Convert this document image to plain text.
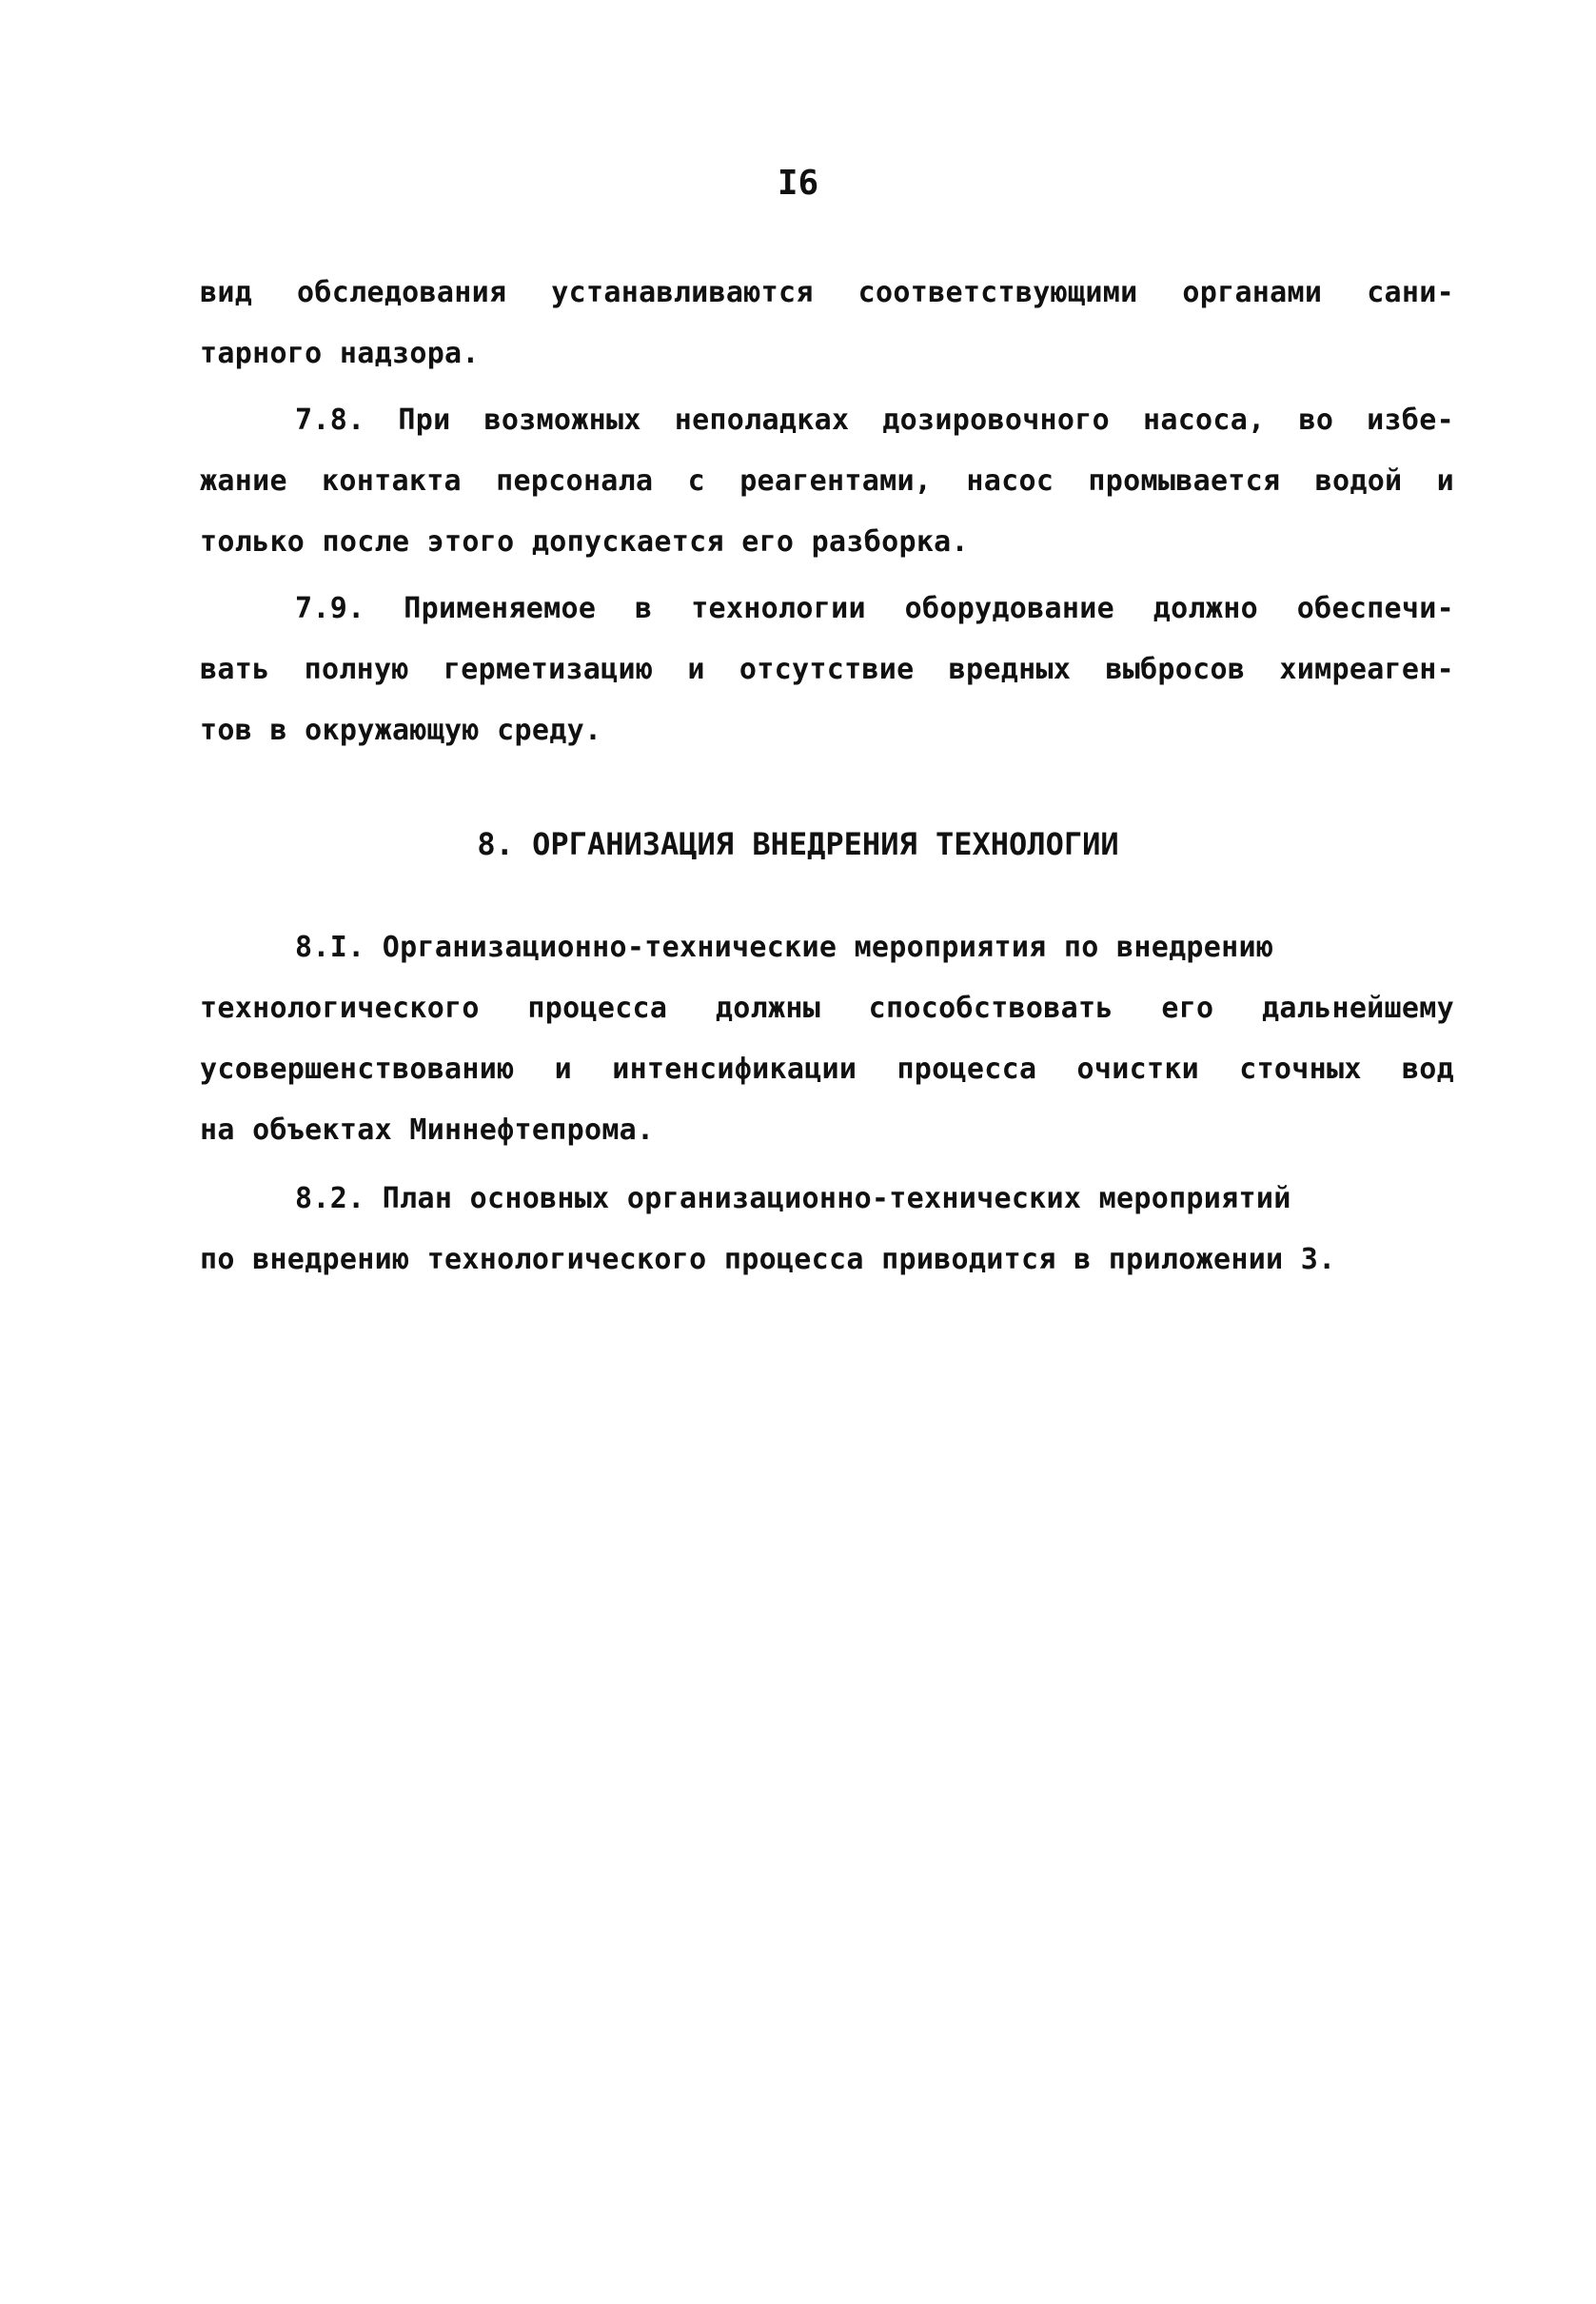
I6
вид обследования устанавливаются соответствующими органами сани-
тарного надзора.
7.8. При возможных неполадках дозировочного насоса, во избе-
жание контакта персонала с реагентами, насос промывается водой и
только после этого допускается его разборка.
7.9. Применяемое в технологии оборудование должно обеспечи-
вать полную герметизацию и отсутствие вредных выбросов химреаген-
тов в окружающую среду.
8. ОРГАНИЗАЦИЯ ВНЕДРЕНИЯ ТЕХНОЛОГИИ
8.I. Организационно-технические мероприятия по внедрению
технологического процесса должны способствовать его дальнейшему
усовершенствованию и интенсификации процесса очистки сточных вод
на объектах Миннефтепрома.
8.2. План основных организационно-технических мероприятий
по внедрению технологического процесса приводится в приложении 3.
